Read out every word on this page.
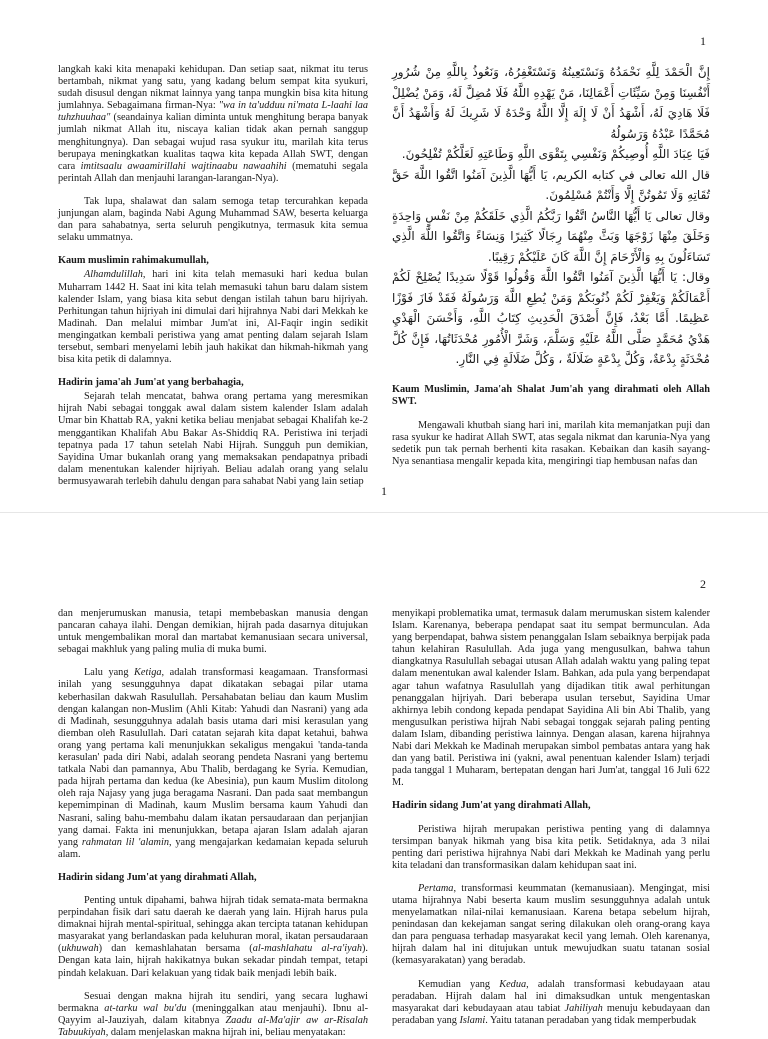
1

langkah kaki kita menapaki kehidupan. Dan setiap saat, nikmat itu terus bertambah, nikmat yang satu, yang kadang belum sempat kita syukuri, sudah disusul dengan nikmat lainnya yang tanpa mungkin bisa kita hitung jumlahnya. Sebagaimana firman-Nya: "wa in ta'udduu ni'mata L-laahi laa tuhzhuuhaa" (seandainya kalian diminta untuk menghitung berapa banyak jumlah nikmat Allah itu, niscaya kalian tidak akan pernah sanggup menghitungnya). Dan sebagai wujud rasa syukur itu, marilah kita terus berupaya meningkatkan kualitas taqwa kita kepada Allah SWT, dengan cara imtitsaalu awaamirillahi wajtinaabu nawaahihi (mematuhi segala perintah Allah dan menjauhi larangan-larangan-Nya).

Tak lupa, shalawat dan salam semoga tetap tercurahkan kepada junjungan alam, baginda Nabi Agung Muhammad SAW, beserta keluarga dan para sahabatnya, serta seluruh pengikutnya, termasuk kita semua selaku ummatnya.

Kaum muslimin rahimakumullah,

Alhamdulillah, hari ini kita telah memasuki hari kedua bulan Muharram 1442 H. Saat ini kita telah memasuki tahun baru dalam sistem kalender Islam, yang biasa kita sebut dengan istilah tahun baru hijriyah. Perhitungan tahun hijriyah ini dimulai dari hijrahnya Nabi dari Mekkah ke Madinah. Dan melalui mimbar Jum'at ini, Al-Faqir ingin sedikit mengingatkan kembali peristiwa yang amat penting dalam sejarah Islam tersebut, sembari menyelami lebih jauh hakikat dan hikmah-hikmah yang bisa kita petik di dalamnya.

Hadirin jama'ah Jum'at yang berbahagia,

Sejarah telah mencatat, bahwa orang pertama yang meresmikan hijrah Nabi sebagai tonggak awal dalam sistem kalender Islam adalah Umar bin Khattab RA, yakni ketika beliau menjabat sebagai Khalifah ke-2 menggantikan Khalifah Abu Bakar As-Shiddiq RA. Peristiwa ini terjadi tepatnya pada 17 tahun setelah Nabi Hijrah. Sungguh pun demikian, Sayidina Umar bukanlah orang yang memaksakan pendapatnya pribadi dalam menentukan kalender hijriyah. Beliau adalah orang yang selalu bermusyawarah terlebih dahulu dengan para sahabat Nabi yang lain setiap

إِنَّ الْحَمْدَ لِلَّهِ نَحْمَدُهُ وَنَسْتَعِينُهُ وَنَسْتَغْفِرُهُ، وَنَعُوذُ بِاللَّهِ مِنْ شُرُورِ أَنْفُسِنَا وَمِنْ سَيِّئَاتِ أَعْمَالِنَا، مَنْ يَهْدِهِ اللَّهُ فَلَا مُضِلَّ لَهُ، وَمَنْ يُضْلِلْ فَلَا هَادِيَ لَهُ، أَشْهَدُ أَنْ لَا إِلَهَ إِلَّا اللَّهُ وَحْدَهُ لَا شَرِيكَ لَهُ وَأَشْهَدُ أَنَّ مُحَمَّدًا عَبْدُهُ وَرَسُولُهُ

فَيَا عِبَادَ اللَّهِ أُوصِيكُمْ وَنَفْسِي بِتَقْوَى اللَّهِ وَطَاعَتِهِ لَعَلَّكُمْ تُفْلِحُونَ.

قال الله تعالى في كتابه الكريم، يَا أَيُّهَا الَّذِينَ آمَنُوا اتَّقُوا اللَّهَ حَقَّ تُقَاتِهِ وَلَا تَمُوتُنَّ إِلَّا وَأَنْتُمْ مُسْلِمُونَ.

وقال تعالى يَا أَيُّهَا النَّاسُ اتَّقُوا رَبَّكُمُ الَّذِي خَلَقَكُمْ مِنْ نَفْسٍ وَاحِدَةٍ وَخَلَقَ مِنْهَا زَوْجَهَا وَبَثَّ مِنْهُمَا رِجَالًا كَثِيرًا وَنِسَاءً وَاتَّقُوا اللَّهَ الَّذِي تَسَاءَلُونَ بِهِ وَالْأَرْحَامَ إِنَّ اللَّهَ كَانَ عَلَيْكُمْ رَقِيبًا.

وقال: يَا أَيُّهَا الَّذِينَ آمَنُوا اتَّقُوا اللَّهَ وَقُولُوا قَوْلًا سَدِيدًا يُصْلِحْ لَكُمْ أَعْمَالَكُمْ وَيَغْفِرْ لَكُمْ ذُنُوبَكُمْ وَمَنْ يُطِعِ اللَّهَ وَرَسُولَهُ فَقَدْ فَازَ فَوْزًا عَظِيمًا. أَمَّا بَعْدُ، فَإِنَّ أَصْدَقَ الْحَدِيثِ كِتَابُ اللَّهِ، وَأَحْسَنَ الْهَدْيِ هَدْيُ مُحَمَّدٍ صَلَّى اللَّهُ عَلَيْهِ وَسَلَّمَ، وَشَرَّ الْأُمُورِ مُحْدَثَاتُهَا، فَإِنَّ كُلَّ مُحْدَثَةٍ بِدْعَةٌ، وَكُلَّ بِدْعَةٍ ضَلَالَةٌ ، وَكُلَّ ضَلَالَةٍ فِي النَّارِ.

Kaum Muslimin, Jama'ah Shalat Jum'ah yang dirahmati oleh Allah SWT.

Mengawali khutbah siang hari ini, marilah kita memanjatkan puji dan rasa syukur ke hadirat Allah SWT, atas segala nikmat dan karunia-Nya yang sedetik pun tak pernah berhenti kita rasakan. Kebaikan dan kasih sayang-Nya senantiasa mengalir kepada kita, mengiringi tiap hembusan nafas dan

1
2

dan menjerumuskan manusia, tetapi membebaskan manusia dengan pancaran cahaya ilahi. Dengan demikian, hijrah pada dasarnya ditujukan untuk mengembalikan moral dan martabat kemanusiaan secara universal, sebagai makhluk yang paling mulia di muka bumi.

Lalu yang Ketiga, adalah transformasi keagamaan. Transformasi inilah yang sesungguhnya dapat dikatakan sebagai pilar utama keberhasilan dakwah Rasulullah. Persahabatan beliau dan kaum Muslim dengan kalangan non-Muslim (Ahli Kitab: Yahudi dan Nasrani) yang ada di Madinah, sesungguhnya adalah basis utama dari misi kerasulan yang diemban oleh Rasulullah. Dari catatan sejarah kita dapat ketahui, bahwa orang yang pertama kali menunjukkan sekaligus mengakui 'tanda-tanda kerasulan' pada diri Nabi, adalah seorang pendeta Nasrani yang bertemu tatkala Nabi dan pamannya, Abu Thalib, berdagang ke Syria. Kemudian, pada hijrah pertama dan kedua (ke Abesinia), pun kaum Muslim ditolong oleh raja Najasy yang juga beragama Nasrani. Dan pada saat membangun kepemimpinan di Madinah, kaum Muslim bersama kaum Yahudi dan Nasrani, saling bahu-membahu dalam ikatan persaudaraan dan perjanjian yang damai. Fakta ini menunjukkan, betapa ajaran Islam adalah ajaran yang rahmatan lil 'alamin, yang mengajarkan kedamaian kepada seluruh alam.

Hadirin sidang Jum'at yang dirahmati Allah,

Penting untuk dipahami, bahwa hijrah tidak semata-mata bermakna perpindahan fisik dari satu daerah ke daerah yang lain. Hijrah harus pula dimaknai hijrah mental-spiritual, sehingga akan tercipta tatanan kehidupan masyarakat yang berlandaskan pada keluhuran moral, ikatan persaudaraan (ukhuwah) dan kemashlahatan bersama (al-mashlahatu al-ra'iyah). Dengan kata lain, hijrah hakikatnya bukan sekadar pindah tempat, tetapi pindah kelakuan. Dari kelakuan yang tidak baik menjadi lebih baik.

Sesuai dengan makna hijrah itu sendiri, yang secara lughawi bermakna at-tarku wal bu'du (meninggalkan atau menjauhi). Ibnu al-Qayyim al-Jauziyah, dalam kitabnya Zaadu al-Ma'ajir aw ar-Risalah Tabuukiyah, dalam menjelaskan makna hijrah ini, beliau menyatakan:

menyikapi problematika umat, termasuk dalam merumuskan sistem kalender Islam. Karenanya, beberapa pendapat saat itu sempat bermunculan. Ada yang berpendapat, bahwa sistem penanggalan Islam sebaiknya berpijak pada tahun kelahiran Rasulullah. Ada juga yang mengusulkan, bahwa tahun diangkatnya Rasulullah sebagai utusan Allah adalah waktu yang paling tepat dalam menentukan awal kalender Islam. Bahkan, ada pula yang berpendapat agar tahun wafatnya Rasulullah yang dijadikan titik awal perhitungan penanggalan hijriyah. Dari beberapa usulan tersebut, Sayidina Umar akhirnya lebih condong kepada pendapat Sayidina Ali bin Abi Thalib, yang mengusulkan peristiwa hijrah Nabi sebagai tonggak sejarah paling penting dalam Islam, dibanding peristiwa lainnya. Dengan alasan, karena hijrahnya Nabi dari Mekkah ke Madinah merupakan simbol pembatas antara yang hak dan yang batil. Peristiwa ini (yakni, awal penentuan kalender Islam) terjadi pada tanggal 1 Muharam, bertepatan dengan hari Jum'at, tanggal 16 Juli 622 M.

Hadirin sidang Jum'at yang dirahmati Allah,

Peristiwa hijrah merupakan peristiwa penting yang di dalamnya tersimpan banyak hikmah yang bisa kita petik. Setidaknya, ada 3 nilai penting dari peristiwa hijrahnya Nabi dari Mekkah ke Madinah yang perlu kita teladani dan transformasikan dalam kehidupan saat ini.

Pertama, transformasi keummatan (kemanusiaan). Mengingat, misi utama hijrahnya Nabi beserta kaum muslim sesungguhnya adalah untuk menyelamatkan nilai-nilai kemanusiaan. Karena betapa sebelum hijrah, penindasan dan kekejaman sangat sering dilakukan oleh orang-orang kaya dan para penguasa terhadap masyarakat kecil yang lemah. Oleh karenanya, hijrah dalam hal ini ditujukan untuk mewujudkan suatu tatanan sosial (kemasyarakatan) yang beradab.

Kemudian yang Kedua, adalah transformasi kebudayaan atau peradaban. Hijrah dalam hal ini dimaksudkan untuk mengentaskan masyarakat dari kebudayaan atau tabiat Jahiliyah menuju kebudayaan dan peradaban yang Islami. Yaitu tatanan peradaban yang tidak memperbudak
